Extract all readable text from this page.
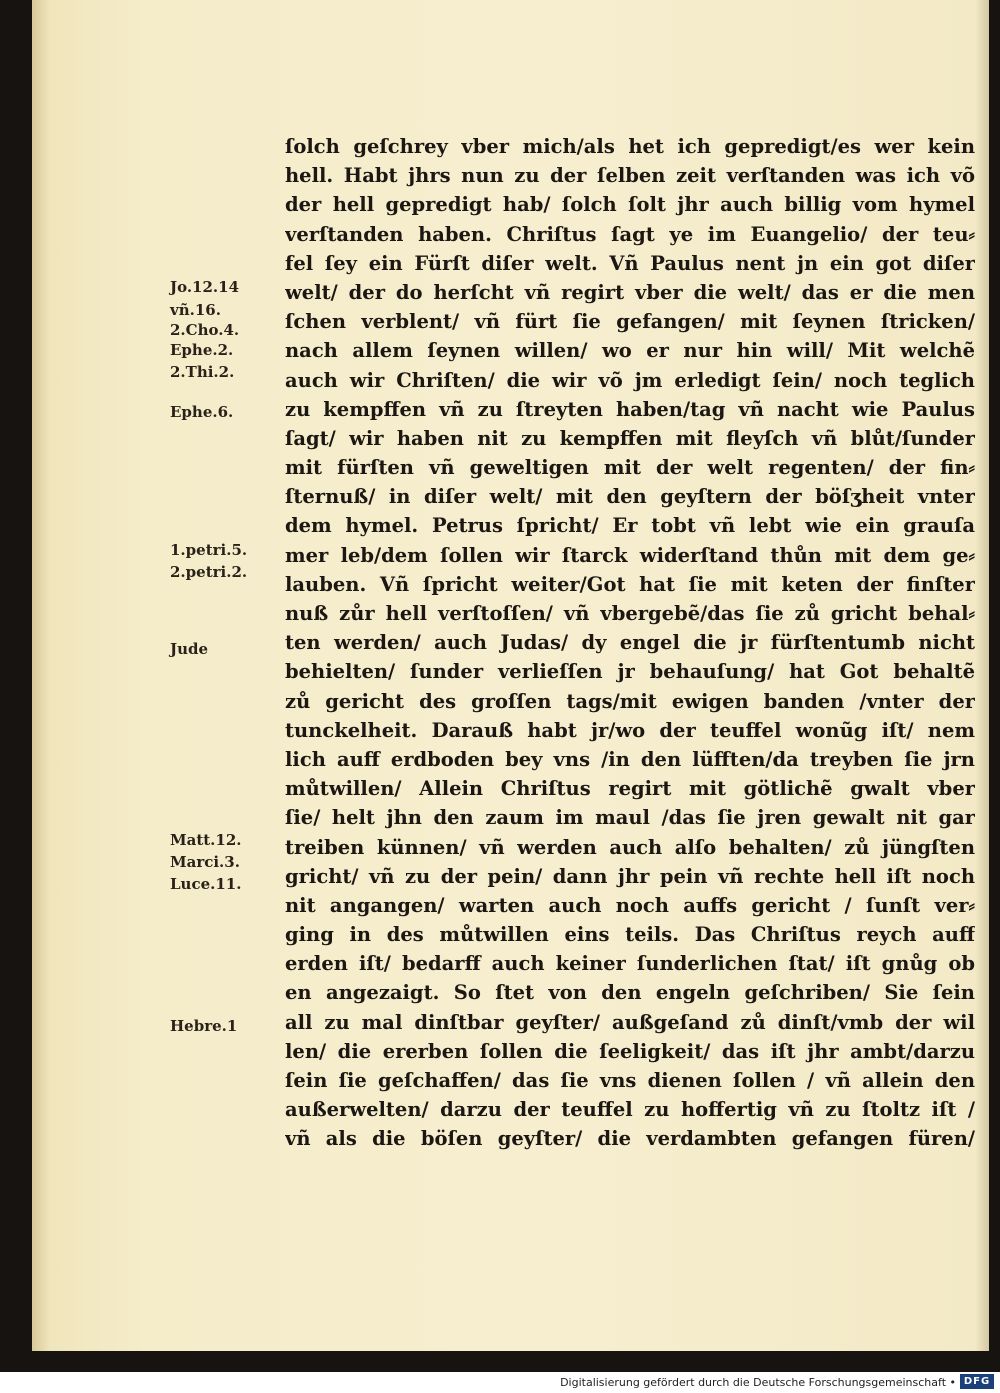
ſolch geſchrey vber mich/als het ich gepredigt/es wer kein
hell. Habt jhrs nun zu der ſelben zeit verſtanden was ich võ
der hell gepredigt hab/ ſolch ſolt jhr auch billig vom hymel
verſtanden haben. Chriſtus ſagt ye im Euangelio/ der teu⸗
fel ſey ein Fürſt diſer welt. Vñ Paulus nent jn ein got diſer
welt/ der do herſcht vñ regirt vber die welt/ das er die men
ſchen verblent/ vñ fürt ſie gefangen/ mit ſeynen ſtricken/
nach allem ſeynen willen/ wo er nur hin will/ Mit welchẽ
auch wir Chriſten/ die wir võ jm erledigt ſein/ noch teglich
zu kempffen vñ zu ſtreyten haben/tag vñ nacht wie Paulus
ſagt/ wir haben nit zu kempffen mit fleyſch vñ blůt/ſunder
mit fürſten vñ geweltigen mit der welt regenten/ der fin⸗
ſternuß/ in diſer welt/ mit den geyſtern der böſʒheit vnter
dem hymel. Petrus ſpricht/ Er tobt vñ lebt wie ein grauſa
mer leb/dem ſollen wir ſtarck widerſtand thůn mit dem ge⸗
lauben. Vñ ſpricht weiter/Got hat ſie mit keten der finſter
nuß zůr hell verſtoſſen/ vñ vbergebẽ/das ſie zů gricht behal⸗
ten werden/ auch Judas/ dy engel die jr fürſtentumb nicht
behielten/ ſunder verlieſſen jr behauſung/ hat Got behaltẽ
zů gericht des groſſen tags/mit ewigen banden /vnter der
tunckelheit. Darauß habt jr/wo der teuffel wonũg iſt/ nem
lich auff erdboden bey vns /in den lüfften/da treyben ſie jrn
můtwillen/ Allein Chriſtus regirt mit götlichẽ gwalt vber
ſie/ helt jhn den zaum im maul /das ſie jren gewalt nit gar
treiben künnen/ vñ werden auch alſo behalten/ zů jüngſten
gricht/ vñ zu der pein/ dann jhr pein vñ rechte hell iſt noch
nit angangen/ warten auch noch auffs gericht / ſunſt ver⸗
ging in des můtwillen eins teils. Das Chriſtus reych auff
erden iſt/ bedarff auch keiner ſunderlichen ſtat/ iſt gnůg ob
en angezaigt. So ſtet von den engeln geſchriben/ Sie ſein
all zu mal dinſtbar geyſter/ außgeſand zů dinſt/vmb der wil
len/ die ererben ſollen die ſeeligkeit/ das iſt jhr ambt/darzu
ſein ſie geſchaffen/ das ſie vns dienen ſollen / vñ allein den
außerwelten/ darzu der teuffel zu hoffertig vñ zu ſtoltz iſt /
vñ als die böſen geyſter/ die verdambten gefangen füren/
Jo.12.14
vñ.16.
2.Cho.4.
Ephe.2.
2.Thi.2.
Ephe.6.
1.petri.5.
2.petri.2.
Jude
Matt.12.
Marci.3.
Luce.11.
Hebre.1
Digitalisierung gefördert durch die Deutsche Forschungsgemeinschaft • DFG
